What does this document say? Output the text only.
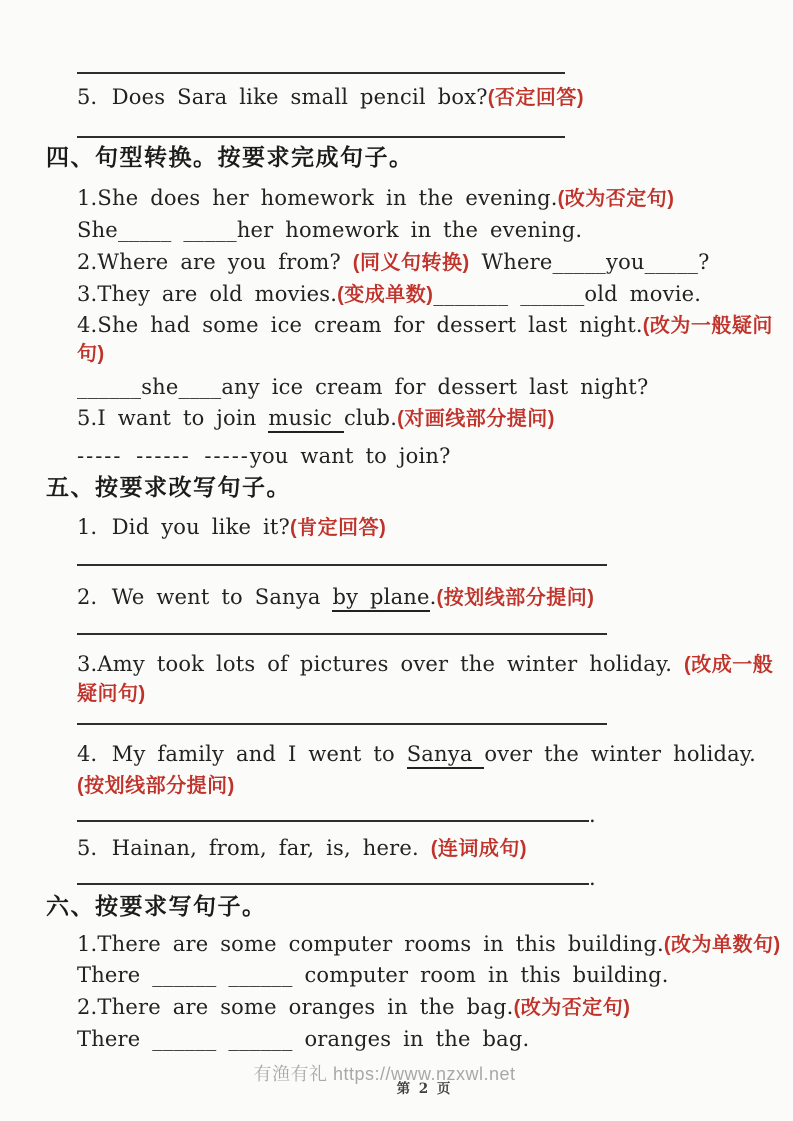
5．Does Sara like small pencil box?(否定回答)
四、句型转换。按要求完成句子。
1.She does her homework in the evening.(改为否定句)
She_____ _____her homework in the evening.
2.Where are you from? (同义句转换) Where_____you_____?
3.They are old movies.(变成单数)_______ ______old movie.
4.She had some ice cream for dessert last night.(改为一般疑问
句)
______she____any ice cream for dessert last night?
5.I want to join music club.(对画线部分提问)
----- ------ -----you want to join?
五、按要求改写句子。
1．Did you like it?(肯定回答)
2．We went to Sanya by plane.(按划线部分提问)
3.Amy took lots of pictures over the winter holiday. (改成一般
疑问句)
4．My family and I went to Sanya over the winter holiday.
(按划线部分提问)
.
5．Hainan, from, far, is, here. (连词成句)
.
六、按要求写句子。
1.There are some computer rooms in this building.(改为单数句)
There ______ ______ computer room in this building.
2.There are some oranges in the bag.(改为否定句)
There ______ ______ oranges in the bag.
有渔有礼 https://www.nzxwl.net
第 2 页
